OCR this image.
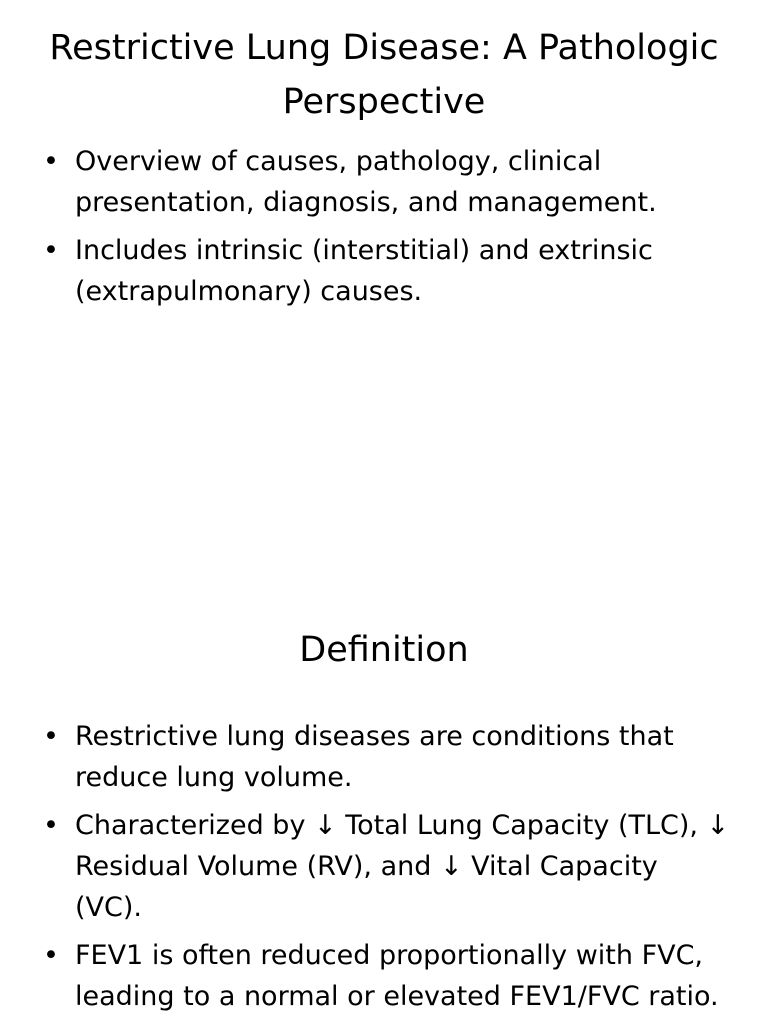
Restrictive Lung Disease: A Pathologic Perspective
• Overview of causes, pathology, clinical presentation, diagnosis, and management.
• Includes intrinsic (interstitial) and extrinsic (extrapulmonary) causes.
Definition
• Restrictive lung diseases are conditions that reduce lung volume.
• Characterized by ↓ Total Lung Capacity (TLC), ↓ Residual Volume (RV), and ↓ Vital Capacity (VC).
• FEV1 is often reduced proportionally with FVC, leading to a normal or elevated FEV1/FVC ratio.
